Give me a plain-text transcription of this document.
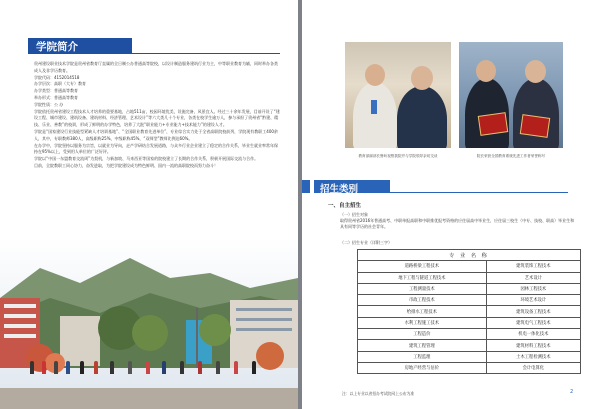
学院简介

贵州建设职业技术学院是贵州省教育厅直属的全日制公办普通高等院校，以设计制造服务建筑行业为主，中等职业教育为辅，同时举办各类成人及非学历教育。

学院代码：4152014518

办学层次：高职（大专）教育

办学类型：普通高等教育

举办形式：普通高等教育

学院性质：公 办

学院依托贵州省建设工程技术人才培养的重要基地，占地511亩，校园环境优美，设施完备，风景宜人。经过三十余年发展，目前开设了“建设工程、城市建设、建筑设备、建筑材料、经济管理、艺术设计”等六大类几十个专业，各类在校学生逾万人，参与承担了贵州省“黔建、精技、乐业、善教”的校训，形成了鲜明的办学特色，培养了大批“职业能力+专业能力+技术能力”的建设人才。

学院是“国家建设行业技能型紧缺人才培训基地”、“全国职业教育先进单位”，专业综合实力处于全省高职院校前列，学院现有教职工400余人，其中，专职教师380人，高级职称25%，中级职称45%，“双师型”教师比例达60%。

在办学中，学院坚持以服务为宗旨，以就业为导向，走产学研结合发展道路，与众多行业企业建立了稳定的合作关系，毕业生就业率常年保持在95%以上，受到用人单位的广泛好评。

学院以“中国一东盟教育交流周”为契机，与新加坡、马来西亚等国家的院校建立了长期的合作关系，积极开展国际交流与合作。

目前，全院教职工同心协力，奋发进取，为把学院建设成为特色鲜明、国内一流的高职院校而努力奋斗！

教育部副部长鲁昕视察我院并与学院领导亲切交谈	院长荣获全国教育系统先进工作者荣誉称号
招生类别
一、自主招生
（一）招生对象
取得贵州省2016年普通高考、中职单报高职和中职推优报考资格的应往届高中毕业生，应往届三校生（中专、技校、职高）毕业生和具有同等学历的社会青年。
（二）招生专业（详附三字）
专 业 名 称	
道路桥梁工程技术	建筑装饰工程技术
地下工程与隧道工程技术	艺术设计
工程测量技术	园林工程技术
市政工程技术	环境艺术设计
给排水工程技术	建筑设备工程技术
水利工程施工技术	建筑电气工程技术
工程造价	机电一体化技术
建筑工程管理	建筑材料工程技术
工程监理	土木工程检测技术
房地产经营与估价	会计电算化
注：以上专业以省招办考试院网上公布为准	2
